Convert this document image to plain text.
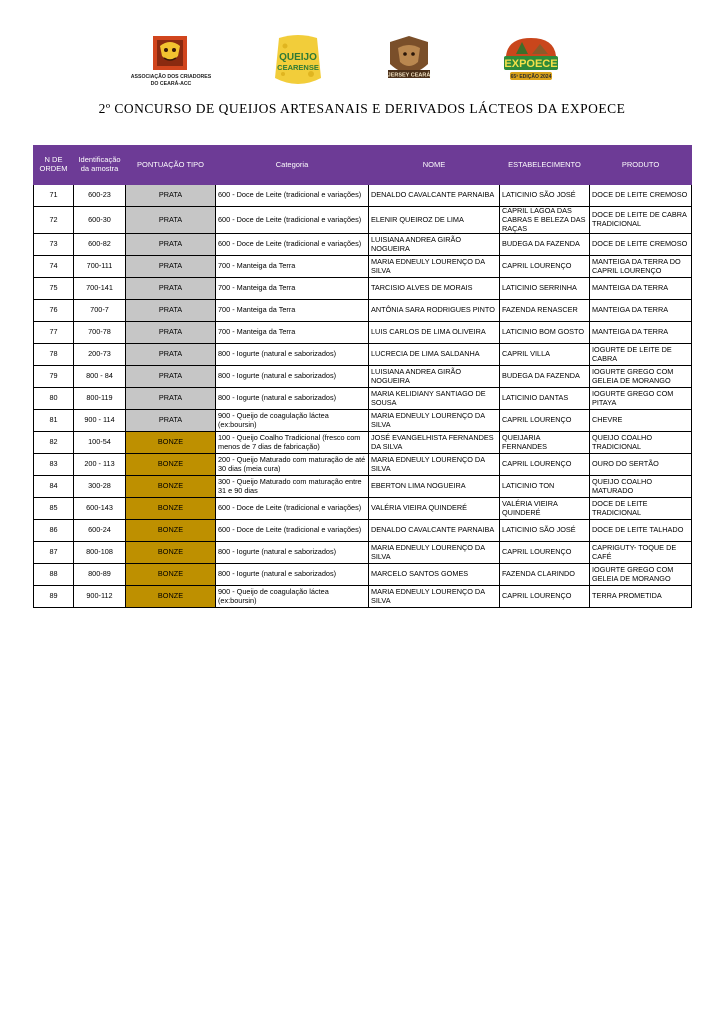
ASSOCIAÇÃO DOS CRIADORES
DO CEARÁ-ACC
QUEIJO
CEARENSE
JERSEY CEARÁ
EXPOECE
65ª EDIÇÃO 2024
2º CONCURSO DE QUEIJOS ARTESANAIS E DERIVADOS LÁCTEOS DA EXPOECE
N DE ORDEM	Identificação da amostra	PONTUAÇÃO TIPO	Categoria	NOME	ESTABELECIMENTO	PRODUTO
71	600-23	PRATA	600 - Doce de Leite (tradicional e variações)	DENALDO CAVALCANTE PARNAIBA	LATICINIO SÃO JOSÉ	DOCE DE LEITE CREMOSO
72	600-30	PRATA	600 - Doce de Leite (tradicional e variações)	ELENIR QUEIROZ DE LIMA	CAPRIL LAGOA DAS CABRAS E BELEZA DAS RAÇAS	DOCE DE LEITE DE CABRA TRADICIONAL
73	600-82	PRATA	600 - Doce de Leite (tradicional e variações)	LUISIANA ANDREA GIRÃO NOGUEIRA	BUDEGA DA FAZENDA	DOCE DE LEITE CREMOSO
74	700-111	PRATA	700 - Manteiga da Terra	MARIA EDNEULY LOURENÇO DA SILVA	CAPRIL LOURENÇO	MANTEIGA DA TERRA DO CAPRIL LOURENÇO
75	700-141	PRATA	700 - Manteiga da Terra	TARCISIO ALVES DE MORAIS	LATICINIO SERRINHA	MANTEIGA DA TERRA
76	700-7	PRATA	700 - Manteiga da Terra	ANTÔNIA SARA RODRIGUES PINTO	FAZENDA RENASCER	MANTEIGA DA TERRA
77	700-78	PRATA	700 - Manteiga da Terra	LUIS CARLOS DE LIMA OLIVEIRA	LATICINIO BOM GOSTO	MANTEIGA DA TERRA
78	200-73	PRATA	800 - Iogurte (natural e saborizados)	LUCRECIA DE LIMA SALDANHA	CAPRIL VILLA	IOGURTE DE LEITE DE CABRA
79	800 - 84	PRATA	800 - Iogurte (natural e saborizados)	LUISIANA ANDREA GIRÃO NOGUEIRA	BUDEGA DA FAZENDA	IOGURTE GREGO COM GELEIA DE MORANGO
80	800-119	PRATA	800 - Iogurte (natural e saborizados)	MARIA KELIDIANY SANTIAGO DE SOUSA	LATICINIO DANTAS	IOGURTE GREGO COM PITAYA
81	900 - 114	PRATA	900 - Queijo de coagulação láctea (ex:boursin)	MARIA EDNEULY LOURENÇO DA SILVA	CAPRIL LOURENÇO	CHEVRE
82	100-54	BONZE	100 - Queijo Coalho Tradicional (fresco com menos de 7 dias de fabricação)	JOSÉ EVANGELHISTA FERNANDES DA SILVA	QUEIJARIA FERNANDES	QUEIJO COALHO TRADICIONAL
83	200 - 113	BONZE	200 - Queijo Maturado com maturação de até 30 dias (meia cura)	MARIA EDNEULY LOURENÇO DA SILVA	CAPRIL LOURENÇO	OURO DO SERTÃO
84	300-28	BONZE	300 - Queijo Maturado com maturação entre 31 e 90 dias	EBERTON LIMA NOGUEIRA	LATICINIO TON	QUEIJO COALHO MATURADO
85	600-143	BONZE	600 - Doce de Leite (tradicional e variações)	VALÉRIA VIEIRA QUINDERÉ	VALÉRIA VIEIRA QUINDERÉ	DOCE DE LEITE TRADICIONAL
86	600-24	BONZE	600 - Doce de Leite (tradicional e variações)	DENALDO CAVALCANTE PARNAIBA	LATICINIO SÃO JOSÉ	DOCE DE LEITE TALHADO
87	800-108	BONZE	800 - Iogurte (natural e saborizados)	MARIA EDNEULY LOURENÇO DA SILVA	CAPRIL LOURENÇO	CAPRIGUTY- TOQUE DE CAFÉ
88	800-89	BONZE	800 - Iogurte (natural e saborizados)	MARCELO SANTOS GOMES	FAZENDA CLARINDO	IOGURTE GREGO COM GELEIA DE MORANGO
89	900-112	BONZE	900 - Queijo de coagulação láctea (ex:boursin)	MARIA EDNEULY LOURENÇO DA SILVA	CAPRIL LOURENÇO	TERRA PROMETIDA
